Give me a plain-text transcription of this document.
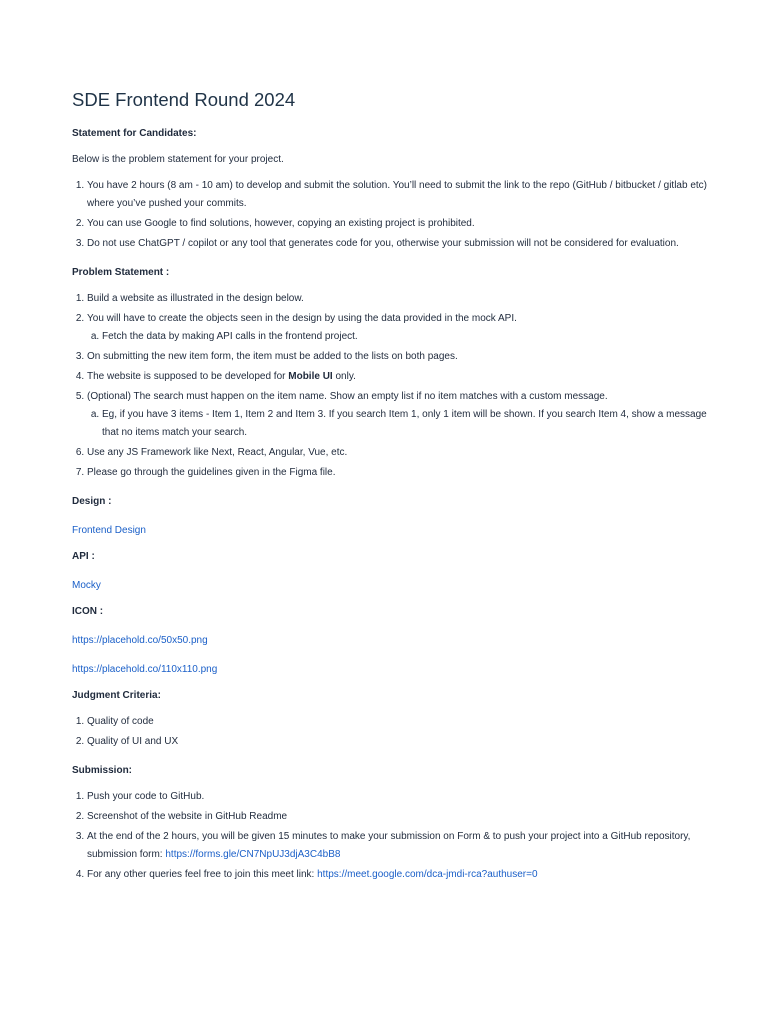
SDE Frontend Round 2024
Statement for Candidates:

Below is the problem statement for your project.

1. You have 2 hours (8 am - 10 am) to develop and submit the solution. You’ll need to submit the link to the repo (GitHub / bitbucket / gitlab etc) where you’ve pushed your commits.
2. You can use Google to find solutions, however, copying an existing project is prohibited.
3. Do not use ChatGPT / copilot or any tool that generates code for you, otherwise your submission will not be considered for evaluation.
Problem Statement :
1. Build a website as illustrated in the design below.
2. You will have to create the objects seen in the design by using the data provided in the mock API.
a. Fetch the data by making API calls in the frontend project.
3. On submitting the new item form, the item must be added to the lists on both pages.
4. The website is supposed to be developed for Mobile UI only.
5. (Optional) The search must happen on the item name. Show an empty list if no item matches with a custom message.
a. Eg, if you have 3 items - Item 1, Item 2 and Item 3. If you search Item 1, only 1 item will be shown. If you search Item 4, show a message that no items match your search.
6. Use any JS Framework like Next, React, Angular, Vue, etc.
7. Please go through the guidelines given in the Figma file.
Design :
Frontend Design
API :
Mocky
ICON :
https://placehold.co/50x50.png
https://placehold.co/110x110.png
Judgment Criteria:
1. Quality of code
2. Quality of UI and UX
Submission:
1. Push your code to GitHub.
2. Screenshot of the website in GitHub Readme
3. At the end of the 2 hours, you will be given 15 minutes to make your submission on Form & to push your project into a GitHub repository, submission form: https://forms.gle/CN7NpUJ3djA3C4bB8
4. For any other queries feel free to join this meet link: https://meet.google.com/dca-jmdi-rca?authuser=0
